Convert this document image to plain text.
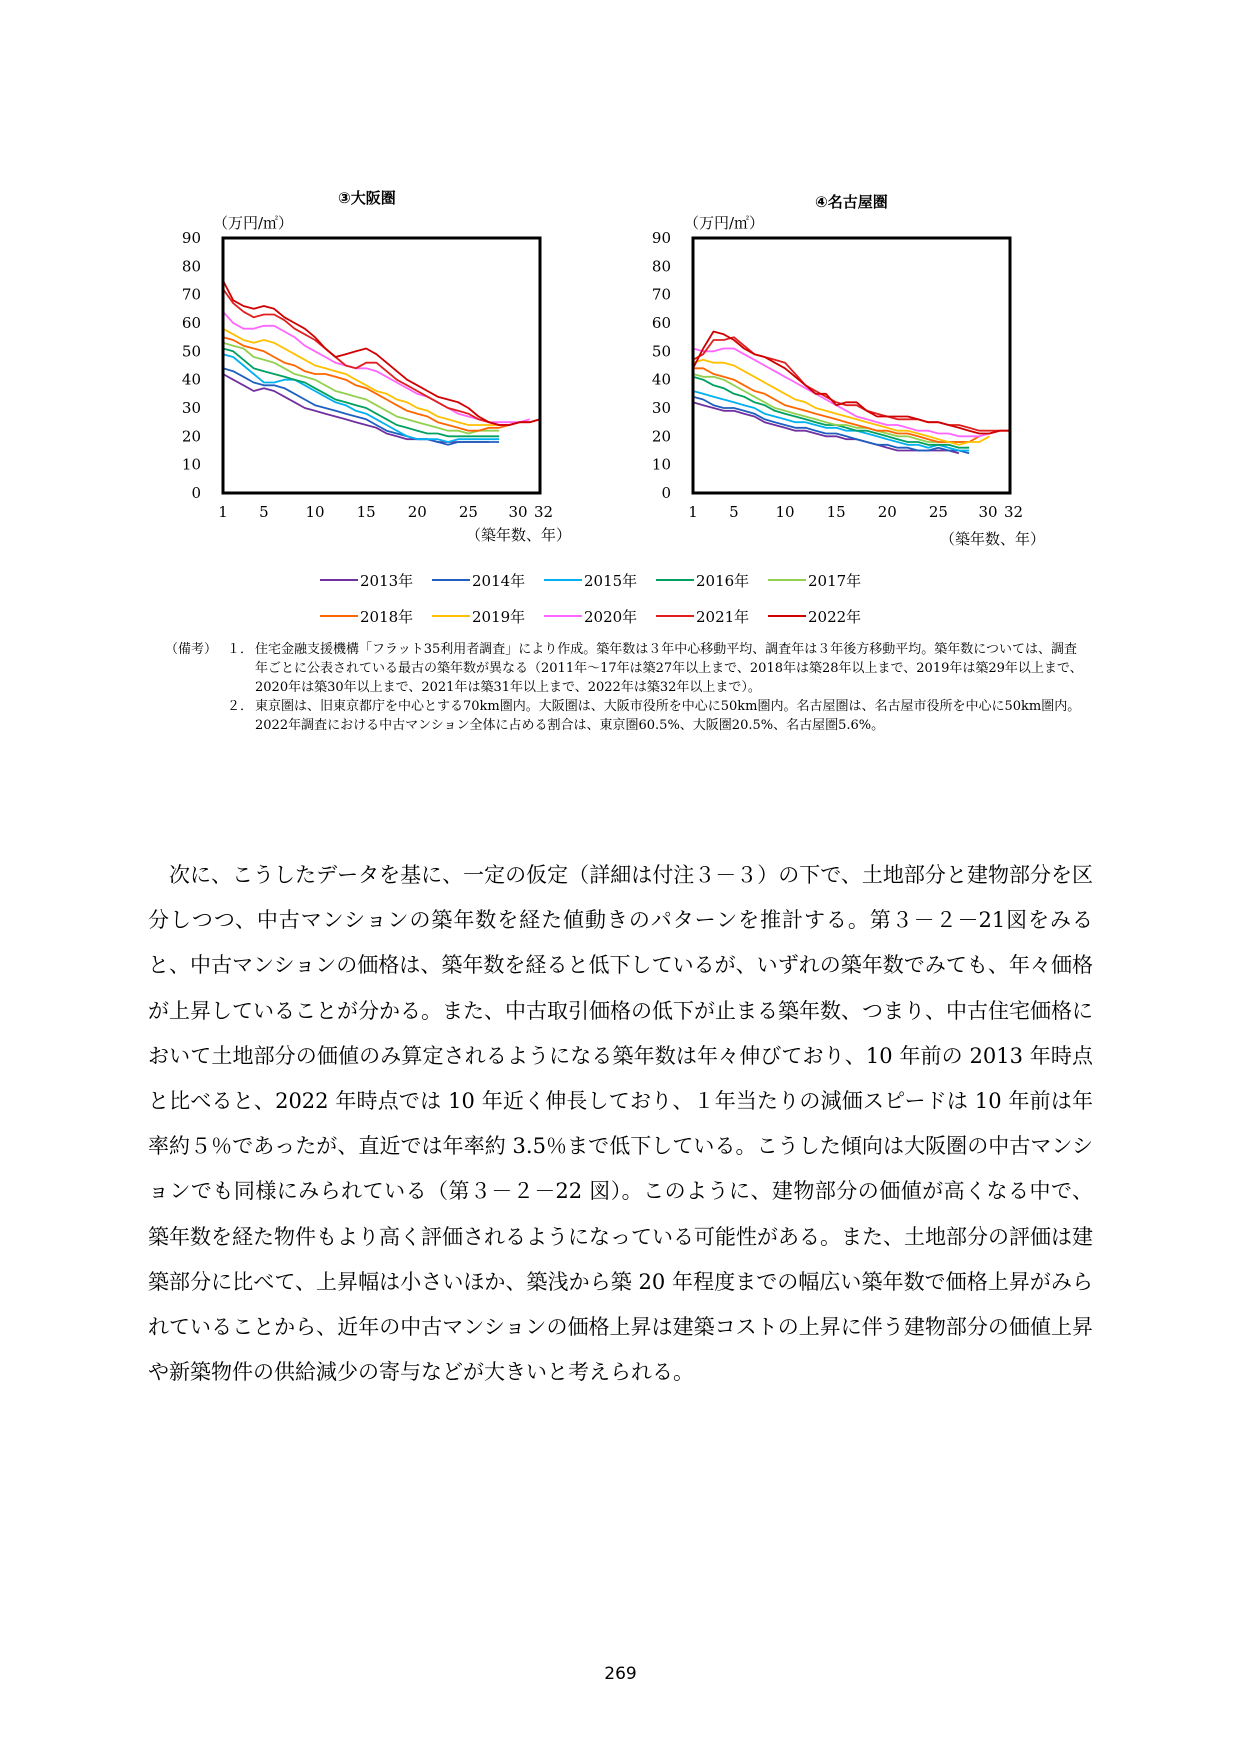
③大阪圏
（万円/㎡）
0
10
20
30
40
50
60
70
80
90
1 5 10 15 20 25 30 32
（築年数、年）
④名古屋圏
（万円/㎡）
0
10
20
30
40
50
60
70
80
90
1 5 10 15 20 25 30 32
（築年数、年）
2013年	2014年	2015年	2016年	2017年
2018年	2019年	2020年	2021年	2022年
（備考） １． 住宅金融支援機構「フラット35利用者調査」により作成。築年数は３年中心移動平均、調査年は３年後方移動平均。築年数については、調査年ごとに公表されている最古の築年数が異なる（2011年〜17年は築27年以上まで、2018年は築28年以上まで、2019年は築29年以上まで、2020年は築30年以上まで、2021年は築31年以上まで、2022年は築32年以上まで）。
２． 東京圏は、旧東京都庁を中心とする70km圏内。大阪圏は、大阪市役所を中心に50km圏内。名古屋圏は、名古屋市役所を中心に50km圏内。2022年調査における中古マンション全体に占める割合は、東京圏60.5%、大阪圏20.5%、名古屋圏5.6%。

次に、こうしたデータを基に、一定の仮定（詳細は付注３－３）の下で、土地部分と建物部分を区分しつつ、中古マンションの築年数を経た値動きのパターンを推計する。第３－２－21図をみると、中古マンションの価格は、築年数を経ると低下しているが、いずれの築年数でみても、年々価格が上昇していることが分かる。また、中古取引価格の低下が止まる築年数、つまり、中古住宅価格において土地部分の価値のみ算定されるようになる築年数は年々伸びており、10 年前の 2013 年時点と比べると、2022 年時点では 10 年近く伸長しており、１年当たりの減価スピードは 10 年前は年率約５％であったが、直近では年率約 3.5％まで低下している。こうした傾向は大阪圏の中古マンションでも同様にみられている（第３－２－22 図）。このように、建物部分の価値が高くなる中で、築年数を経た物件もより高く評価されるようになっている可能性がある。また、土地部分の評価は建築部分に比べて、上昇幅は小さいほか、築浅から築 20 年程度までの幅広い築年数で価格上昇がみられていることから、近年の中古マンションの価格上昇は建築コストの上昇に伴う建物部分の価値上昇や新築物件の供給減少の寄与などが大きいと考えられる。

269
